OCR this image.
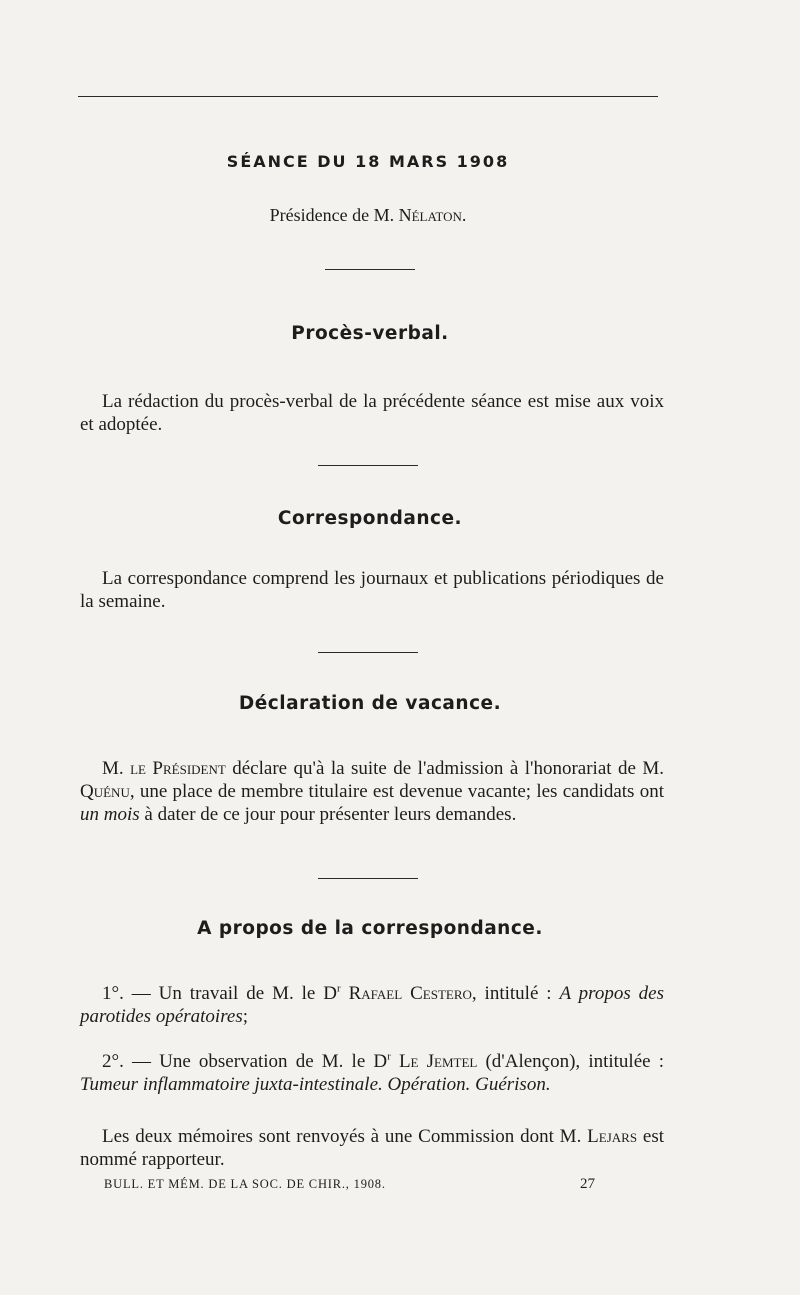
SÉANCE DU 18 MARS 1908
Présidence de M. Nélaton.
Procès-verbal.
La rédaction du procès-verbal de la précédente séance est mise aux voix et adoptée.
Correspondance.
La correspondance comprend les journaux et publications périodiques de la semaine.
Déclaration de vacance.
M. le Président déclare qu'à la suite de l'admission à l'honorariat de M. Quénu, une place de membre titulaire est devenue vacante; les candidats ont un mois à dater de ce jour pour présenter leurs demandes.
A propos de la correspondance.
1°. — Un travail de M. le $D^r$ Rafael Cestero, intitulé : A propos des parotides opératoires;
2°. — Une observation de M. le $D^r$ Le Jemtel (d'Alençon), intitulée : Tumeur inflammatoire juxta-intestinale. Opération. Guérison.
Les deux mémoires sont renvoyés à une Commission dont M. Lejars est nommé rapporteur.
BULL. ET MÉM. DE LA SOC. DE CHIR., 1908.	27
